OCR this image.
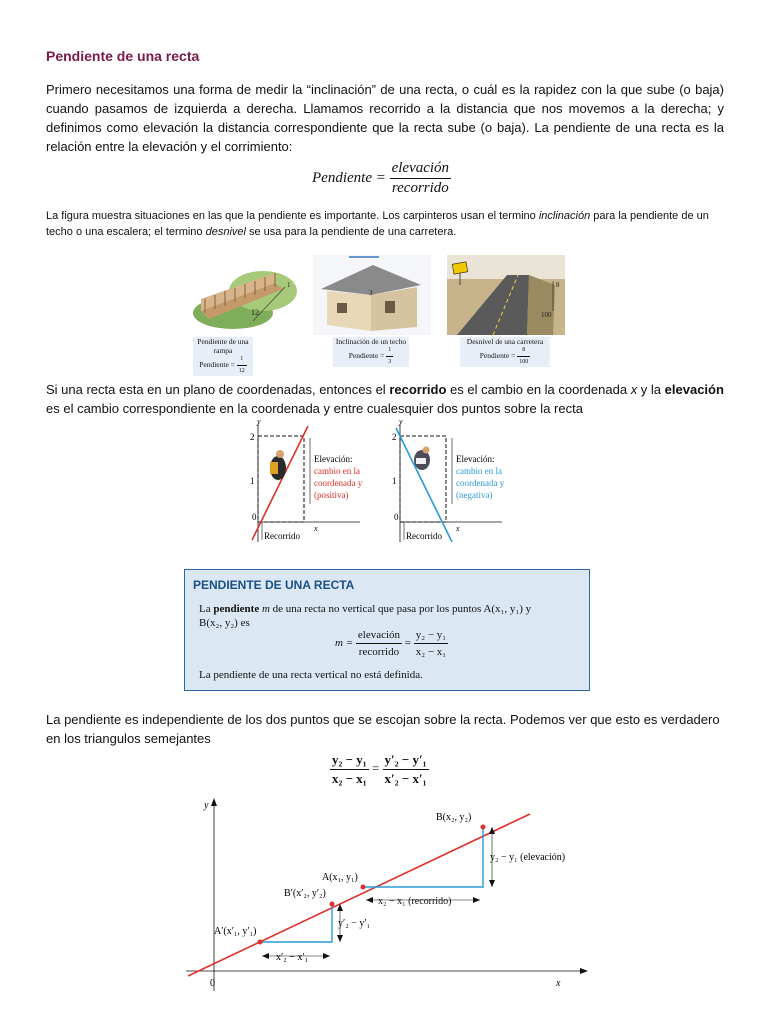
Pendiente de una recta
Primero necesitamos una forma de medir la “inclinación” de una recta, o cuál es la rapidez con la que sube (o baja) cuando pasamos de izquierda a derecha. Llamamos recorrido a la distancia que nos movemos a la derecha; y definimos como elevación la distancia correspondiente que la recta sube (o baja). La pendiente de una recta es la relación entre la elevación y el corrimiento:
Pendiente = $\frac{\text{elevación}}{\text{recorrido}}$
La figura muestra situaciones en las que la pendiente es importante. Los carpinteros usan el termino inclinación para la pendiente de un techo o una escalera; el termino desnivel se usa para la pendiente de una carretera.
12
1
Pendiente de una rampa
Pendiente = $\frac{1}{12}$
3
Inclinación de un techo
Pendiente = $\frac{1}{3}$
8
100
Desnivel de una carretera
Pendiente = $\frac{8}{100}$
Si una recta esta en un plano de coordenadas, entonces el recorrido es el cambio en la coordenada x y la elevación es el cambio correspondiente en la coordenada y entre cualesquier dos puntos sobre la recta
y
x
2
1
0
Recorrido
Elevación:
cambio en la
coordenada y
(positiva)
y
x
2
1
0
Recorrido
Elevación:
cambio en la
coordenada y
(negativa)
PENDIENTE DE UNA RECTA
La pendiente m de una recta no vertical que pasa por los puntos A(x₁, y₁) y
B(x₂, y₂) es
$m = \frac{\text{elevación}}{\text{recorrido}} = \frac{\text{y₂ − y₁}}{\text{x₂ − x₁}}$
La pendiente de una recta vertical no está definida.
La pendiente es independiente de los dos puntos que se escojan sobre la recta. Podemos ver que esto es verdadero en los triangulos semejantes
$\frac{\text{y₂ − y₁}}{\text{x₂ − x₁}} = \frac{\text{y′₂ − y′₁}}{\text{x′₂ − x′₁}}$
y
x
0
B(x₂, y₂)
A(x₁, y₁)
B′(x′₂, y′₂)
A′(x′₁, y′₁)
y₂ − y₁ (elevación)
x₂ − x₁ (recorrido)
y′₂ − y′₁
x′₂ − x′₁
